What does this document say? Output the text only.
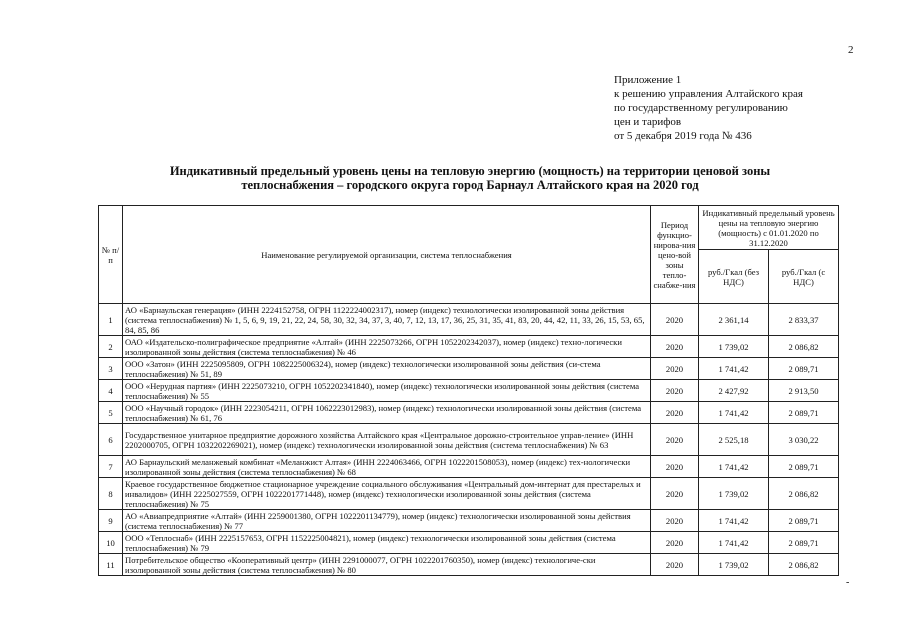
2
Приложение 1
к решению управления Алтайского края
по государственному регулированию
цен и тарифов
от 5 декабря 2019 года № 436
Индикативный предельный уровень цены на тепловую энергию (мощность) на территории ценовой зоны
теплоснабжения – городского округа город Барнаул Алтайского края на 2020 год
№ п/ п	Наименование регулируемой организации, система теплоснабжения	Период функцио-нирова-ния цено-вой зоны тепло-снабже-ния	Индикативный предельный уровень цены на тепловую энергию (мощность) с 01.01.2020 по 31.12.2020	
			руб./Гкал (без НДС)	руб./Гкал (с НДС)
1	АО «Барнаульская генерация» (ИНН 2224152758, ОГРН 1122224002317), номер (индекс) технологически изолированной зоны действия (система теплоснабжения) № 1, 5, 6, 9, 19, 21, 22, 24, 58, 30, 32, 34, 37, 3, 40, 7, 12, 13, 17, 36, 25, 31, 35, 41, 83, 20, 44, 42, 11, 33, 26, 15, 53, 65, 84, 85, 86	2020	2 361,14	2 833,37
2	ОАО «Издательско-полиграфическое предприятие «Алтай» (ИНН 2225073266, ОГРН 1052202342037), номер (индекс) техно-логически изолированной зоны действия (система теплоснабжения) № 46	2020	1 739,02	2 086,82
3	ООО «Затон» (ИНН 2225095809, ОГРН 1082225006324), номер (индекс) технологически изолированной зоны действия (си-стема теплоснабжения) № 51, 89	2020	1 741,42	2 089,71
4	ООО «Нерудная партия» (ИНН 2225073210, ОГРН 1052202341840), номер (индекс) технологически изолированной зоны действия (система теплоснабжения) № 55	2020	2 427,92	2 913,50
5	ООО «Научный городок» (ИНН 2223054211, ОГРН 1062223012983), номер (индекс) технологически изолированной зоны действия (система теплоснабжения) № 61, 76	2020	1 741,42	2 089,71
6	Государственное унитарное предприятие дорожного хозяйства Алтайского края «Центральное дорожно-строительное управ-ление» (ИНН 2202000705, ОГРН 1032202269021), номер (индекс) технологически изолированной зоны действия (система теплоснабжения) № 63	2020	2 525,18	3 030,22
7	АО Барнаульский меланжевый комбинат «Меланжист Алтая» (ИНН 2224063466, ОГРН 1022201508053), номер (индекс) тех-нологически изолированной зоны действия (система теплоснабжения) № 68	2020	1 741,42	2 089,71
8	Краевое государственное бюджетное стационарное учреждение социального обслуживания «Центральный дом-интернат для престарелых и инвалидов» (ИНН 2225027559, ОГРН 1022201771448), номер (индекс) технологически изолированной зоны действия (система теплоснабжения) № 75	2020	1 739,02	2 086,82
9	АО «Авиапредприятие «Алтай» (ИНН 2259001380, ОГРН 1022201134779), номер (индекс) технологически изолированной зоны действия (система теплоснабжения) № 77	2020	1 741,42	2 089,71
10	ООО «Теплоснаб» (ИНН 2225157653, ОГРН 1152225004821), номер (индекс) технологически изолированной зоны действия (система теплоснабжения) № 79	2020	1 741,42	2 089,71
11	Потребительское общество «Кооперативный центр» (ИНН 2291000077, ОГРН 1022201760350), номер (индекс) технологиче-ски изолированной зоны действия (система теплоснабжения) № 80	2020	1 739,02	2 086,82
-
